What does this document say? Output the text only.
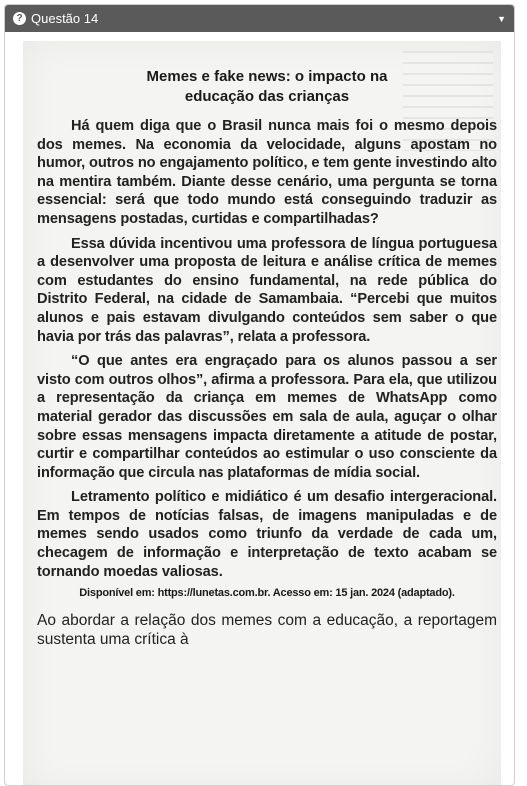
? Questão 14	▼
Memes e fake news: o impacto na
educação das crianças

Há quem diga que o Brasil nunca mais foi o mesmo depois dos memes. Na economia da velocidade, alguns apostam no humor, outros no engajamento político, e tem gente investindo alto na mentira também. Diante desse cenário, uma pergunta se torna essencial: será que todo mundo está conseguindo traduzir as mensagens postadas, curtidas e compartilhadas?

Essa dúvida incentivou uma professora de língua portuguesa a desenvolver uma proposta de leitura e análise crítica de memes com estudantes do ensino fundamental, na rede pública do Distrito Federal, na cidade de Samambaia. “Percebi que muitos alunos e pais estavam divulgando conteúdos sem saber o que havia por trás das palavras”, relata a professora.

“O que antes era engraçado para os alunos passou a ser visto com outros olhos”, afirma a professora. Para ela, que utilizou a representação da criança em memes de WhatsApp como material gerador das discussões em sala de aula, aguçar o olhar sobre essas mensagens impacta diretamente a atitude de postar, curtir e compartilhar conteúdos ao estimular o uso consciente da informação que circula nas plataformas de mídia social.

Letramento político e midiático é um desafio intergeracional. Em tempos de notícias falsas, de imagens manipuladas e de memes sendo usados como triunfo da verdade de cada um, checagem de informação e interpretação de texto acabam se tornando moedas valiosas.

Disponível em: https://lunetas.com.br. Acesso em: 15 jan. 2024 (adaptado).

Ao abordar a relação dos memes com a educação, a reportagem sustenta uma crítica à
